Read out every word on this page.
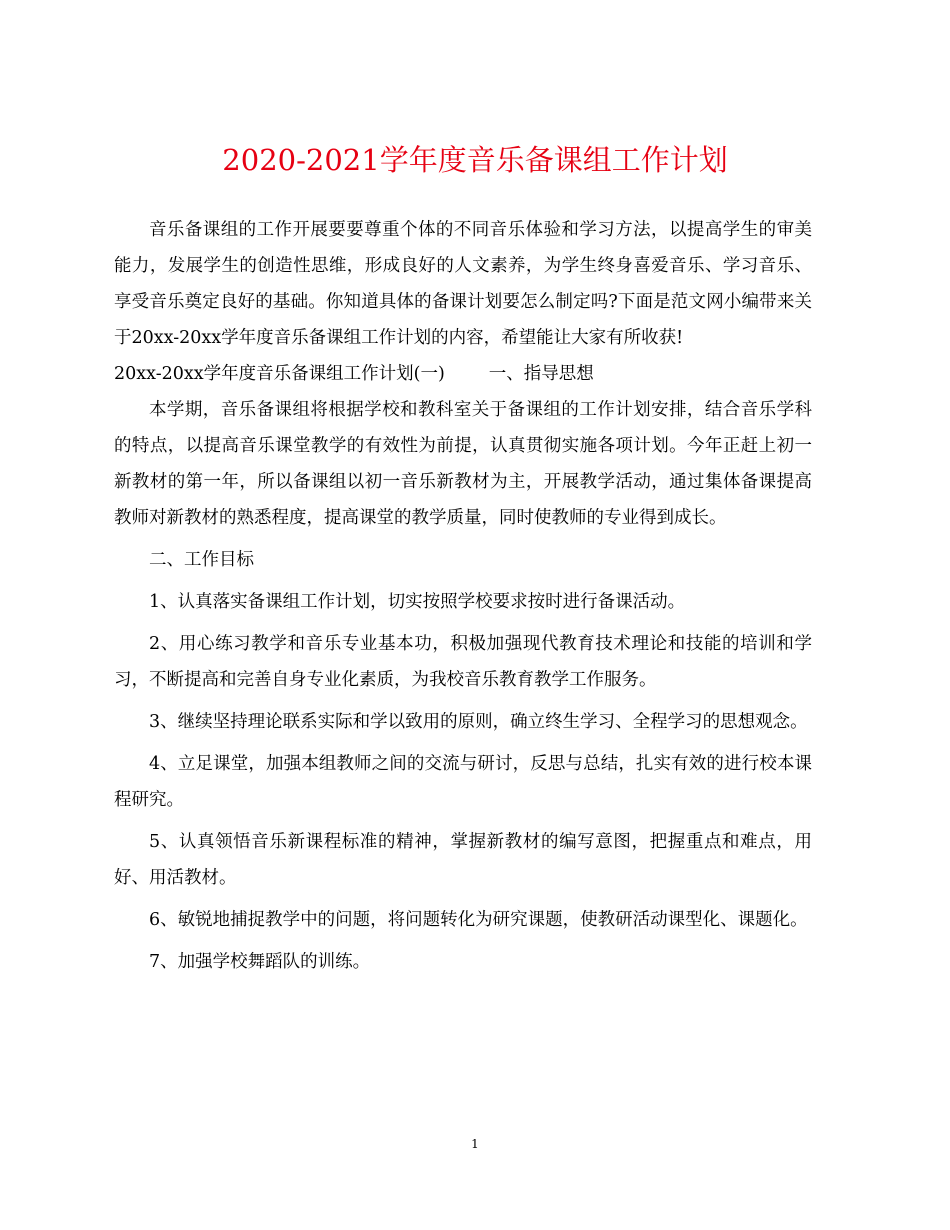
2020-2021学年度音乐备课组工作计划

音乐备课组的工作开展要要尊重个体的不同音乐体验和学习方法，以提高学生的审美能力，发展学生的创造性思维，形成良好的人文素养，为学生终身喜爱音乐、学习音乐、享受音乐奠定良好的基础。你知道具体的备课计划要怎么制定吗?下面是范文网小编带来关于20xx-20xx学年度音乐备课组工作计划的内容，希望能让大家有所收获!

20xx-20xx学年度音乐备课组工作计划(一)	一、指导思想

本学期，音乐备课组将根据学校和教科室关于备课组的工作计划安排，结合音乐学科的特点，以提高音乐课堂教学的有效性为前提，认真贯彻实施各项计划。今年正赶上初一新教材的第一年，所以备课组以初一音乐新教材为主，开展教学活动，通过集体备课提高教师对新教材的熟悉程度，提高课堂的教学质量，同时使教师的专业得到成长。

二、工作目标

1、认真落实备课组工作计划，切实按照学校要求按时进行备课活动。

2、用心练习教学和音乐专业基本功，积极加强现代教育技术理论和技能的培训和学习，不断提高和完善自身专业化素质，为我校音乐教育教学工作服务。

3、继续坚持理论联系实际和学以致用的原则，确立终生学习、全程学习的思想观念。

4、立足课堂，加强本组教师之间的交流与研讨，反思与总结，扎实有效的进行校本课程研究。

5、认真领悟音乐新课程标准的精神，掌握新教材的编写意图，把握重点和难点，用好、用活教材。

6、敏锐地捕捉教学中的问题，将问题转化为研究课题，使教研活动课型化、课题化。

7、加强学校舞蹈队的训练。

1
